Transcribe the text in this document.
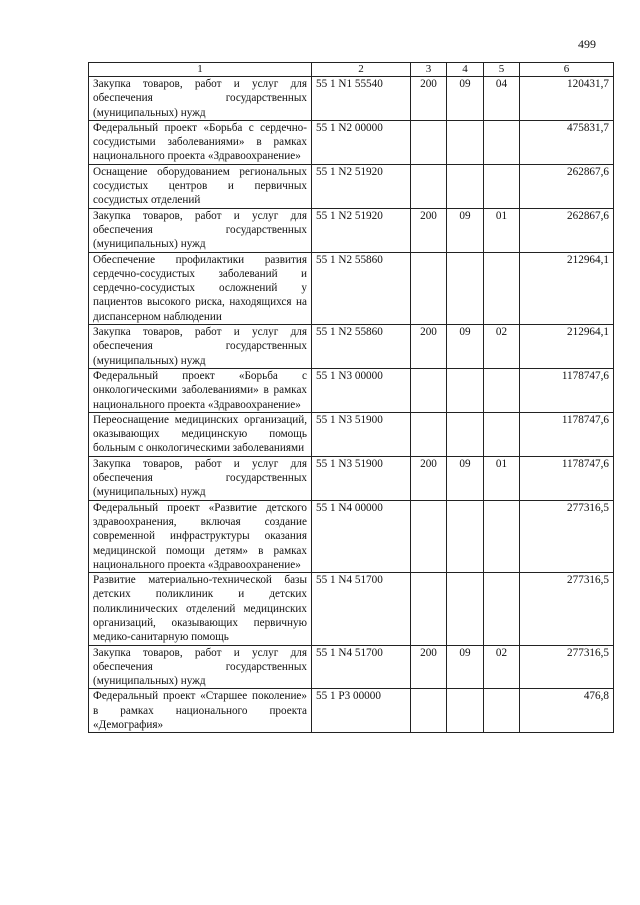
499
1	2	3	4	5	6
Закупка товаров, работ и услуг для обеспечения государственных (муниципальных) нужд	55 1 N1 55540	200	09	04	120431,7
Федеральный проект «Борьба с сердечно-сосудистыми заболеваниями» в рамках национального проекта «Здравоохранение»	55 1 N2 00000				475831,7
Оснащение оборудованием региональных сосудистых центров и первичных сосудистых отделений	55 1 N2 51920				262867,6
Закупка товаров, работ и услуг для обеспечения государственных (муниципальных) нужд	55 1 N2 51920	200	09	01	262867,6
Обеспечение профилактики развития сердечно-сосудистых заболеваний и сердечно-сосудистых осложнений у пациентов высокого риска, находящихся на диспансерном наблюдении	55 1 N2 55860				212964,1
Закупка товаров, работ и услуг для обеспечения государственных (муниципальных) нужд	55 1 N2 55860	200	09	02	212964,1
Федеральный проект «Борьба с онкологическими заболеваниями» в рамках национального проекта «Здравоохранение»	55 1 N3 00000				1178747,6
Переоснащение медицинских организаций, оказывающих медицинскую помощь больным с онкологическими заболеваниями	55 1 N3 51900				1178747,6
Закупка товаров, работ и услуг для обеспечения государственных (муниципальных) нужд	55 1 N3 51900	200	09	01	1178747,6
Федеральный проект «Развитие детского здравоохранения, включая создание современной инфраструктуры оказания медицинской помощи детям» в рамках национального проекта «Здравоохранение»	55 1 N4 00000				277316,5
Развитие материально-технической базы детских поликлиник и детских поликлинических отделений медицинских организаций, оказывающих первичную медико-санитарную помощь	55 1 N4 51700				277316,5
Закупка товаров, работ и услуг для обеспечения государственных (муниципальных) нужд	55 1 N4 51700	200	09	02	277316,5
Федеральный проект «Старшее поколение» в рамках национального проекта «Демография»	55 1 P3 00000				476,8
